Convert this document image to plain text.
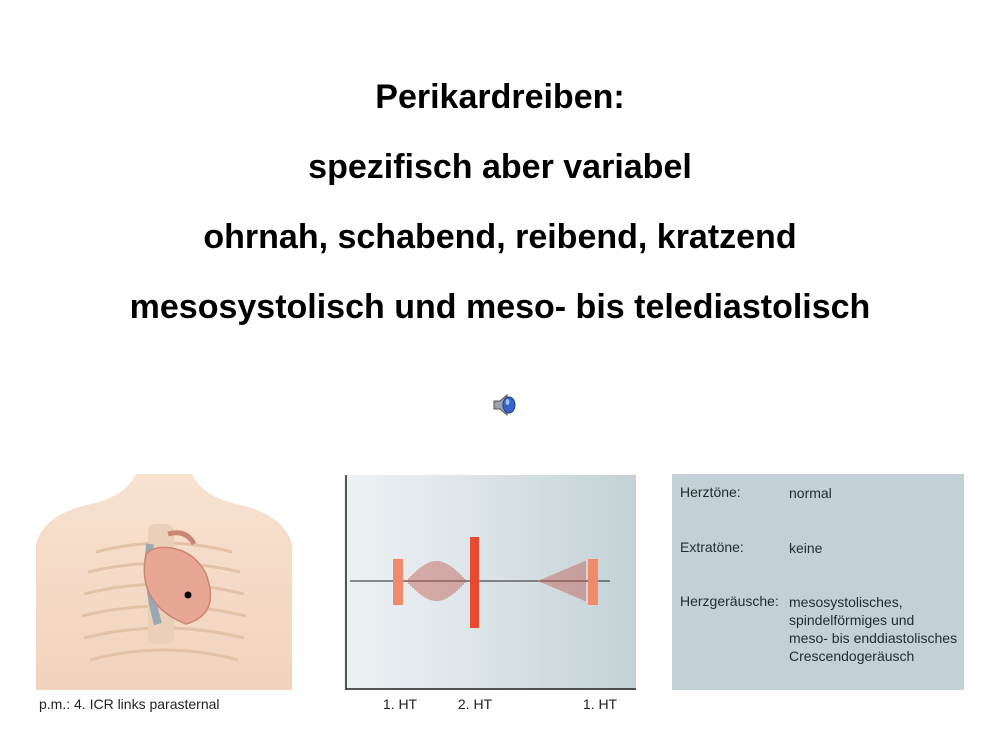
Perikardreiben:
spezifisch aber variabel
ohrnah, schabend, reibend, kratzend
mesosystolisch und meso- bis telediastolisch
p.m.: 4. ICR links parasternal	1. HT	2. HT	1. HT
Herztöne:	normal
Extratöne:	keine
Herzgeräusche: mesosystolisches,
spindelförmiges und
meso- bis enddiastolisches
Crescendogeräusch
